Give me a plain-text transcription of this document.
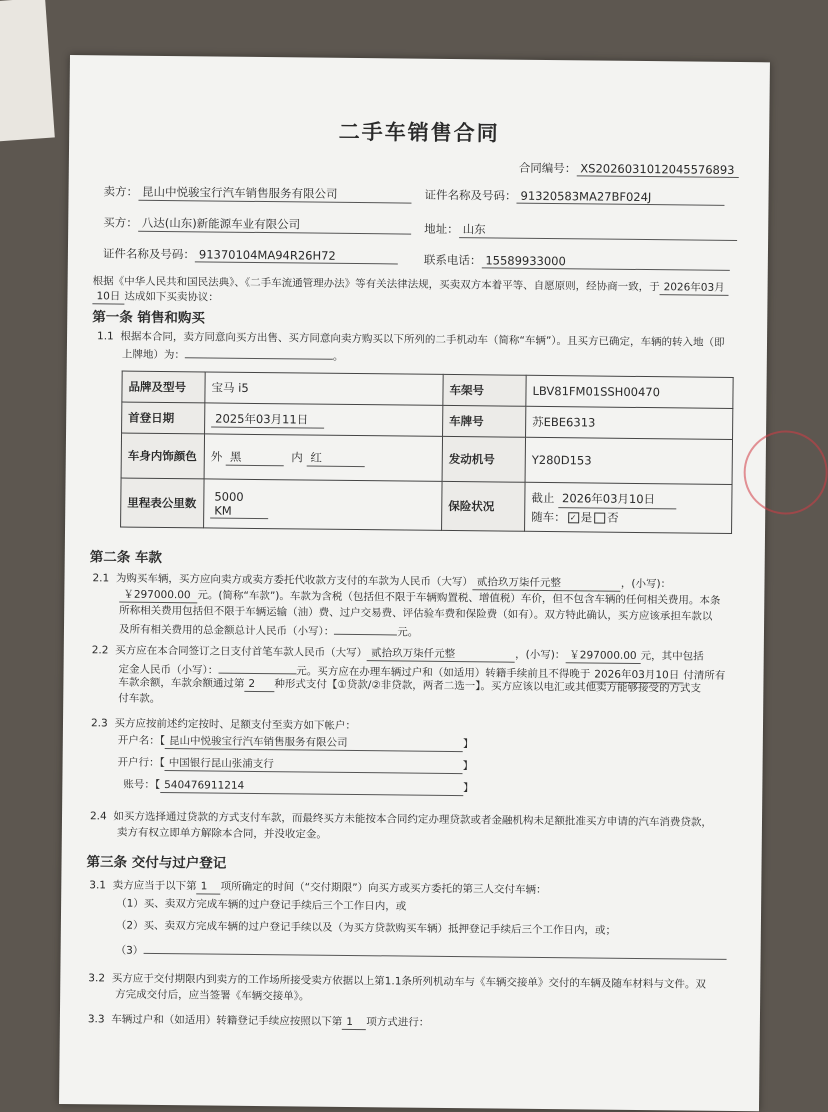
二手车销售合同
合同编号： XS2026031012045576893
卖方： 昆山中悦骏宝行汽车销售服务有限公司	证件名称及号码： 91320583MA27BF024J
买方： 八达(山东)新能源车业有限公司	地址： 山东
证件名称及号码： 91370104MA94R26H72	联系电话： 15589933000
根据《中华人民共和国民法典》、《二手车流通管理办法》等有关法律法规，买卖双方本着平等、自愿原则，经协商一致，于 2026年03月
10日 达成如下买卖协议：
第一条 销售和购买
1.1 根据本合同，卖方同意向买方出售、买方同意向卖方购买以下所列的二手机动车（简称“车辆”）。且买方已确定，车辆的转入地（即
上牌地）为：	。
品牌及型号	宝马 i5	车架号	LBV81FM01SSH00470
首登日期	2025年03月11日	车牌号	苏EBE6313
车身内饰颜色	外 黑 内 红	发动机号	Y280D153
里程表公里数	5000 KM	保险状况	截止 2026年03月10日
随车： ✓ 是 否
第二条 车款
2.1 为购买车辆，买方应向卖方或卖方委托代收款方支付的车款为人民币（大写） 贰拾玖万柒仟元整	，(小写)：
￥297000.00 元。(简称“车款”)。车款为含税（包括但不限于车辆购置税、增值税）车价，但不包含车辆的任何相关费用。本条
所称相关费用包括但不限于车辆运输（油）费、过户交易费、评估验车费和保险费（如有）。双方特此确认，买方应该承担车款以
及所有相关费用的总金额总计人民币（小写）：	元。
2.2 买方应在本合同签订之日支付首笔车款人民币（大写） 贰拾玖万柒仟元整	，(小写)： ￥297000.00 元，其中包括
定金人民币（小写）：	元。买方应在办理车辆过户和（如适用）转籍手续前且不得晚于 2026年03月10日 付清所有
车款余额，车款余额通过第 2 种形式支付【①贷款/②非贷款，两者二选一】。买方应该以电汇或其他卖方能够接受的方式支
付车款。
2.3 买方应按前述约定按时、足额支付至卖方如下帐户：
开户名：【 昆山中悦骏宝行汽车销售服务有限公司	】
开户行：【 中国银行昆山张浦支行	】
账号：【 540476911214	】
2.4 如买方选择通过贷款的方式支付车款，而最终买方未能按本合同约定办理贷款或者金融机构未足额批准买方申请的汽车消费贷款，
卖方有权立即单方解除本合同，并没收定金。
第三条 交付与过户登记
3.1 卖方应当于以下第 1 项所确定的时间（“交付期限”）向买方或买方委托的第三人交付车辆：
（1）买、卖双方完成车辆的过户登记手续后三个工作日内，或
（2）买、卖双方完成车辆的过户登记手续以及（为买方贷款购买车辆）抵押登记手续后三个工作日内，或；
（3）
3.2 买方应于交付期限内到卖方的工作场所接受卖方依据以上第1.1条所列机动车与《车辆交接单》交付的车辆及随车材料与文件。双
方完成交付后，应当签署《车辆交接单》。
3.3 车辆过户和（如适用）转籍登记手续应按照以下第 1 项方式进行：
